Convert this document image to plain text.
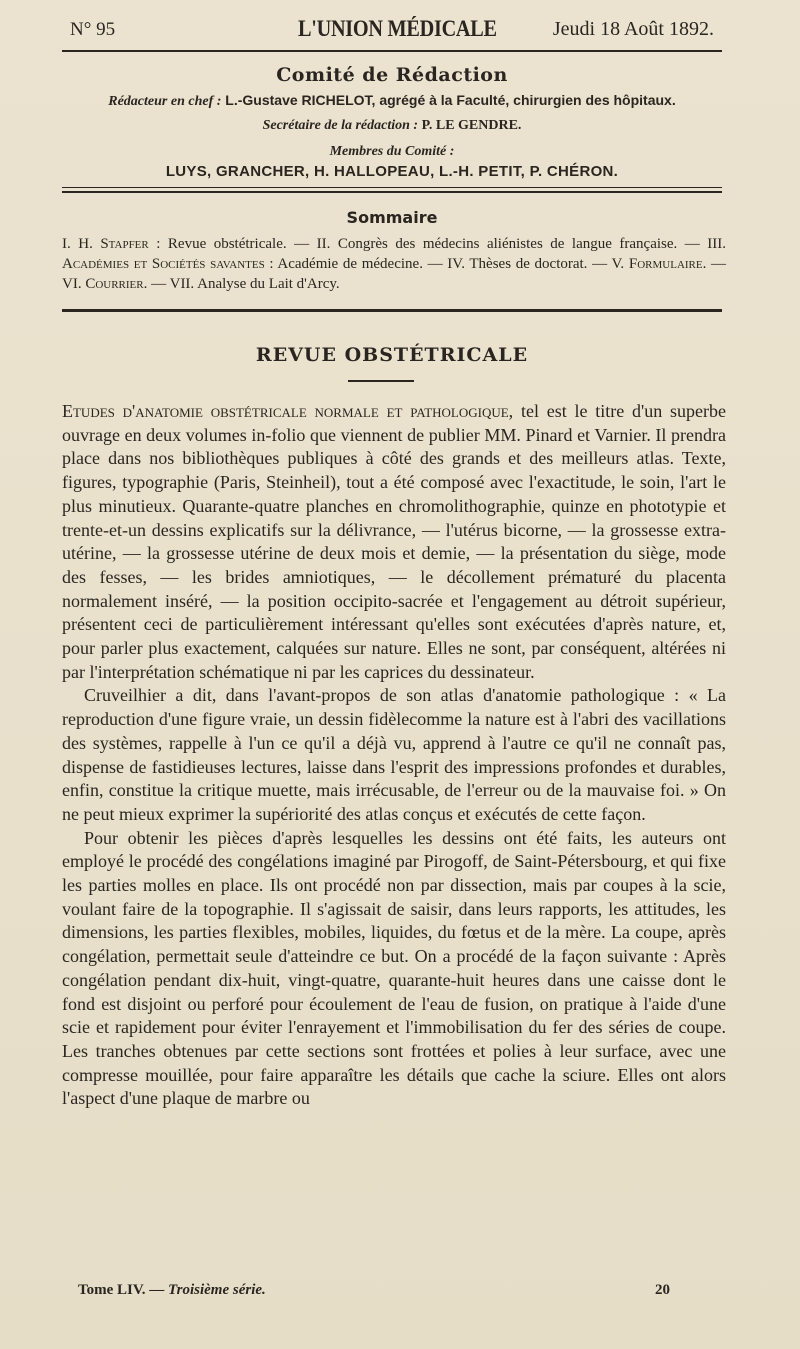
N° 95	L'UNION MÉDICALE	Jeudi 18 Août 1892.
Comité de Rédaction
Rédacteur en chef : L.-Gustave RICHELOT, agrégé à la Faculté, chirurgien des hôpitaux.
Secrétaire de la rédaction : P. LE GENDRE.
Membres du Comité :
LUYS, GRANCHER, H. HALLOPEAU, L.-H. PETIT, P. CHÉRON.
Sommaire
I. H. Stapfer : Revue obstétricale. — II. Congrès des médecins aliénistes de langue française. — III. Académies et Sociétés savantes : Académie de médecine. — IV. Thèses de doctorat. — V. Formulaire. — VI. Courrier. — VII. Analyse du Lait d'Arcy.
REVUE OBSTÉTRICALE

Etudes d'anatomie obstétricale normale et pathologique, tel est le titre d'un superbe ouvrage en deux volumes in-folio que viennent de publier MM. Pinard et Varnier. Il prendra place dans nos bibliothèques publiques à côté des grands et des meilleurs atlas. Texte, figures, typographie (Paris, Steinheil), tout a été composé avec l'exactitude, le soin, l'art le plus minutieux. Quarante-quatre planches en chromolithographie, quinze en phototypie et trente-et-un dessins explicatifs sur la délivrance, — l'utérus bicorne, — la grossesse extra-utérine, — la grossesse utérine de deux mois et demie, — la présentation du siège, mode des fesses, — les brides amniotiques, — le décollement prématuré du placenta normalement inséré, — la position occipito-sacrée et l'engagement au détroit supérieur, présentent ceci de particulièrement intéressant qu'elles sont exécutées d'après nature, et, pour parler plus exactement, calquées sur nature. Elles ne sont, par conséquent, altérées ni par l'interprétation schématique ni par les caprices du dessinateur.

Cruveilhier a dit, dans l'avant-propos de son atlas d'anatomie pathologique : « La reproduction d'une figure vraie, un dessin fidèlecomme la nature est à l'abri des vacillations des systèmes, rappelle à l'un ce qu'il a déjà vu, apprend à l'autre ce qu'il ne connaît pas, dispense de fastidieuses lectures, laisse dans l'esprit des impressions profondes et durables, enfin, constitue la critique muette, mais irrécusable, de l'erreur ou de la mauvaise foi. » On ne peut mieux exprimer la supériorité des atlas conçus et exécutés de cette façon.

Pour obtenir les pièces d'après lesquelles les dessins ont été faits, les auteurs ont employé le procédé des congélations imaginé par Pirogoff, de Saint-Pétersbourg, et qui fixe les parties molles en place. Ils ont procédé non par dissection, mais par coupes à la scie, voulant faire de la topographie. Il s'agissait de saisir, dans leurs rapports, les attitudes, les dimensions, les parties flexibles, mobiles, liquides, du fœtus et de la mère. La coupe, après congélation, permettait seule d'atteindre ce but. On a procédé de la façon suivante : Après congélation pendant dix-huit, vingt-quatre, quarante-huit heures dans une caisse dont le fond est disjoint ou perforé pour écoulement de l'eau de fusion, on pratique à l'aide d'une scie et rapidement pour éviter l'enrayement et l'immobilisation du fer des séries de coupe. Les tranches obtenues par cette sections sont frottées et polies à leur surface, avec une compresse mouillée, pour faire apparaître les détails que cache la sciure. Elles ont alors l'aspect d'une plaque de marbre ou

Tome LIV. — Troisième série.	20
